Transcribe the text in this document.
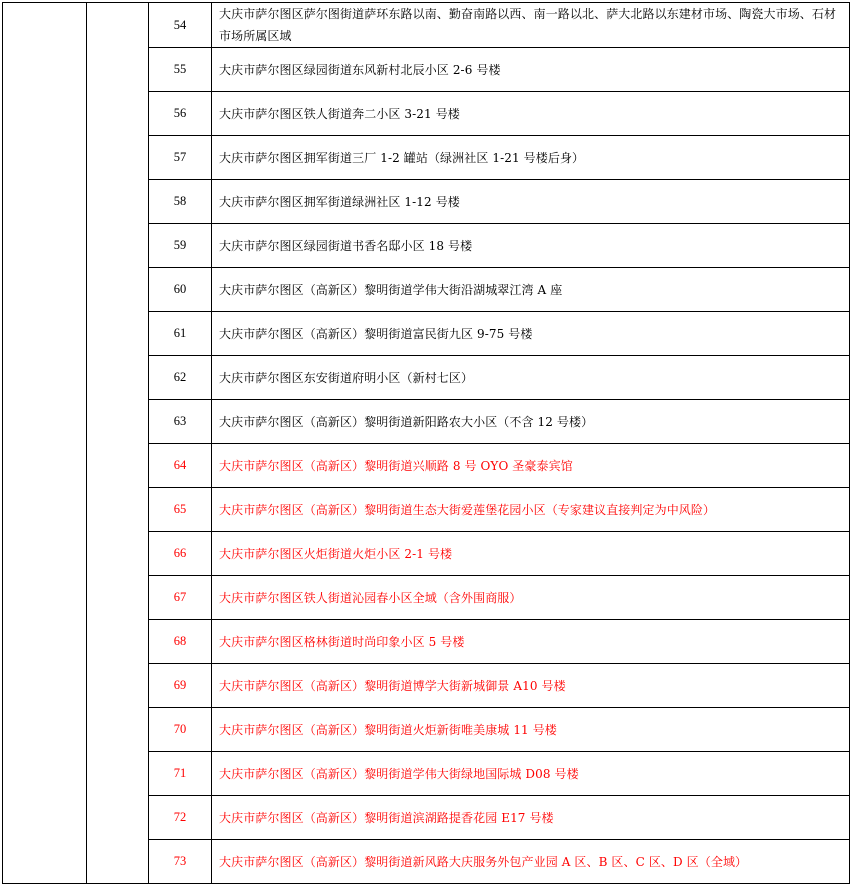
		54	大庆市萨尔图区萨尔图街道萨环东路以南、勤奋南路以西、南一路以北、萨大北路以东建材市场、陶瓷大市场、石材市场所属区域
		55	大庆市萨尔图区绿园街道东风新村北辰小区 2-6 号楼
		56	大庆市萨尔图区铁人街道奔二小区 3-21 号楼
		57	大庆市萨尔图区拥军街道三厂 1-2 罐站（绿洲社区 1-21 号楼后身）
		58	大庆市萨尔图区拥军街道绿洲社区 1-12 号楼
		59	大庆市萨尔图区绿园街道书香名邸小区 18 号楼
		60	大庆市萨尔图区（高新区）黎明街道学伟大街沿湖城翠江湾 A 座
		61	大庆市萨尔图区（高新区）黎明街道富民街九区 9-75 号楼
		62	大庆市萨尔图区东安街道府明小区（新村七区）
		63	大庆市萨尔图区（高新区）黎明街道新阳路农大小区（不含 12 号楼）
		64	大庆市萨尔图区（高新区）黎明街道兴顺路 8 号 OYO 圣豪泰宾馆
		65	大庆市萨尔图区（高新区）黎明街道生态大街爱莲堡花园小区（专家建议直接判定为中风险）
		66	大庆市萨尔图区火炬街道火炬小区 2-1 号楼
		67	大庆市萨尔图区铁人街道沁园春小区全域（含外围商服）
		68	大庆市萨尔图区格林街道时尚印象小区 5 号楼
		69	大庆市萨尔图区（高新区）黎明街道博学大街新城御景 A10 号楼
		70	大庆市萨尔图区（高新区）黎明街道火炬新街唯美康城 11 号楼
		71	大庆市萨尔图区（高新区）黎明街道学伟大街绿地国际城 D08 号楼
		72	大庆市萨尔图区（高新区）黎明街道滨湖路提香花园 E17 号楼
		73	大庆市萨尔图区（高新区）黎明街道新风路大庆服务外包产业园 A 区、B 区、C 区、D 区（全域）
